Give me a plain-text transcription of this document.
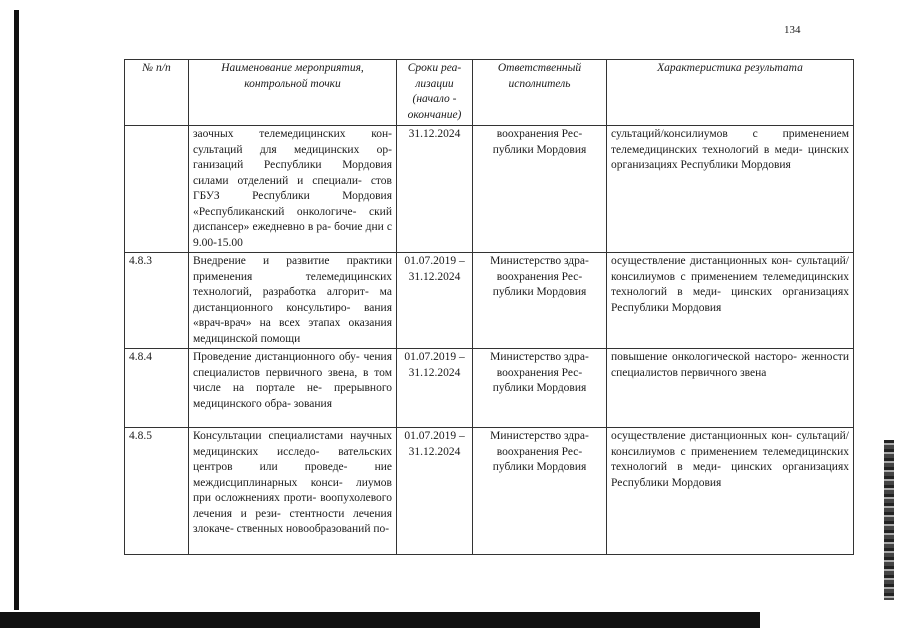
134
№ п/п	Наименование мероприятия, контрольной точки	Сроки реа- лизации (начало - окончание)	Ответственный исполнитель	Характеристика результата
	заочных телемедицинских кон- сультаций для медицинских ор- ганизаций Республики Мордовия силами отделений и специали- стов ГБУЗ Республики Мордовия «Республиканский онкологиче- ский диспансер» ежедневно в ра- бочие дни с 9.00-15.00	31.12.2024	воохранения Рес- публики Мордовия	сультаций/консилиумов с применением телемедицинских технологий в меди- цинских организациях Республики Мордовия
4.8.3	Внедрение и развитие практики применения телемедицинских технологий, разработка алгорит- ма дистанционного консультиро- вания «врач-врач» на всех этапах оказания медицинской помощи	01.07.2019 – 31.12.2024	Министерство здра- воохранения Рес- публики Мордовия	осуществление дистанционных кон- сультаций/консилиумов с применением телемедицинских технологий в меди- цинских организациях Республики Мордовия
4.8.4	Проведение дистанционного обу- чения специалистов первичного звена, в том числе на портале не- прерывного медицинского обра- зования	01.07.2019 – 31.12.2024	Министерство здра- воохранения Рес- публики Мордовия	повышение онкологической насторо- женности специалистов первичного звена
4.8.5	Консультации специалистами научных медицинских исследо- вательских центров или проведе- ние междисциплинарных конси- лиумов при осложнениях проти- воопухолевого лечения и рези- стентности лечения злокаче- ственных новообразований по-	01.07.2019 – 31.12.2024	Министерство здра- воохранения Рес- публики Мордовия	осуществление дистанционных кон- сультаций/консилиумов с применением телемедицинских технологий в меди- цинских организациях Республики Мордовия
